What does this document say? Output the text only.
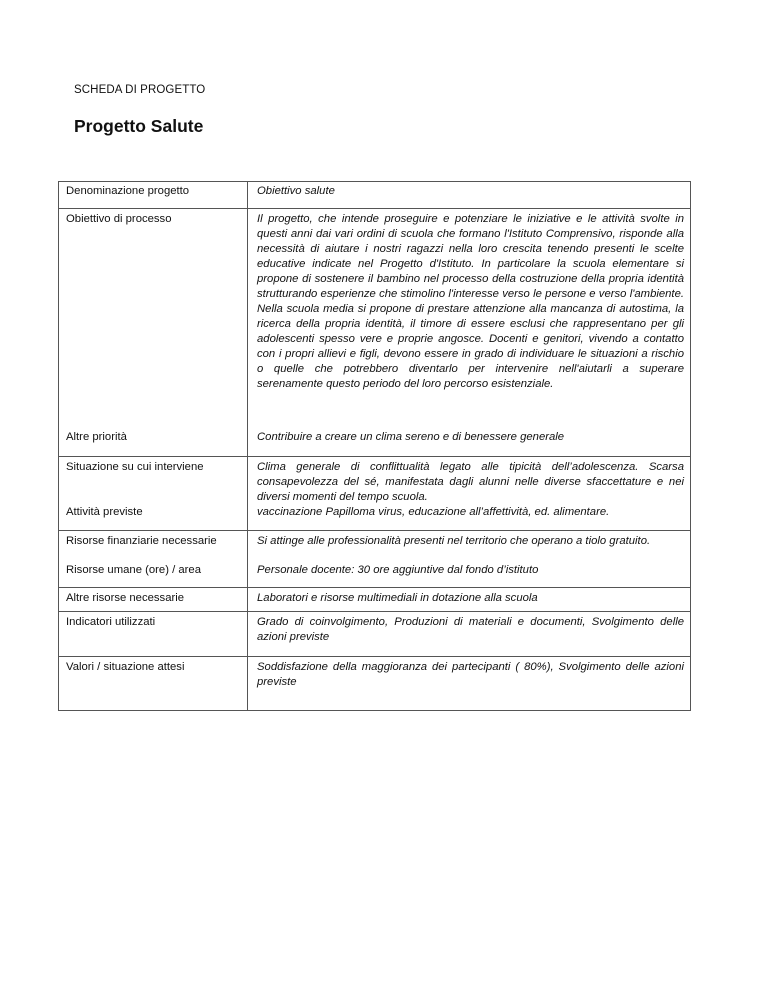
SCHEDA DI PROGETTO
Progetto Salute
Denominazione progetto	Obiettivo salute
Obiettivo di processo	Il progetto, che intende proseguire e potenziare le iniziative e le attività svolte in questi anni dai vari ordini di scuola che formano l'Istituto Comprensivo, risponde alla necessità di aiutare i nostri ragazzi nella loro crescita tenendo presenti le scelte educative indicate nel Progetto d'Istituto. In particolare la scuola elementare si propone di sostenere il bambino nel processo della costruzione della propria identità strutturando esperienze che stimolino l'interesse verso le persone e verso l'ambiente. Nella scuola media si propone di prestare attenzione alla mancanza di autostima, la ricerca della propria identità, il timore di essere esclusi che rappresentano per gli adolescenti spesso vere e proprie angosce. Docenti e genitori, vivendo a contatto con i propri allievi e figli, devono essere in grado di individuare le situazioni a rischio o quelle che potrebbero diventarlo per intervenire nell'aiutarli a superare serenamente questo periodo del loro percorso esistenziale.
Altre priorità	Contribuire a creare un clima sereno e di benessere generale
Situazione su cui interviene	Clima generale di conflittualità legato alle tipicità dell’adolescenza. Scarsa consapevolezza del sé, manifestata dagli alunni nelle diverse sfaccettature e nei diversi momenti del tempo scuola.
Attività previste	vaccinazione Papilloma virus, educazione all’affettività, ed. alimentare.
Risorse finanziarie necessarie	Si attinge alle professionalità presenti nel territorio che operano a tiolo gratuito.
Risorse umane (ore) / area	Personale docente: 30 ore aggiuntive dal fondo d’istituto
Altre risorse necessarie	Laboratori e risorse multimediali in dotazione alla scuola
Indicatori utilizzati	Grado di coinvolgimento, Produzioni di materiali e documenti, Svolgimento delle azioni previste
Valori / situazione attesi	Soddisfazione della maggioranza dei partecipanti ( 80%), Svolgimento delle azioni previste
